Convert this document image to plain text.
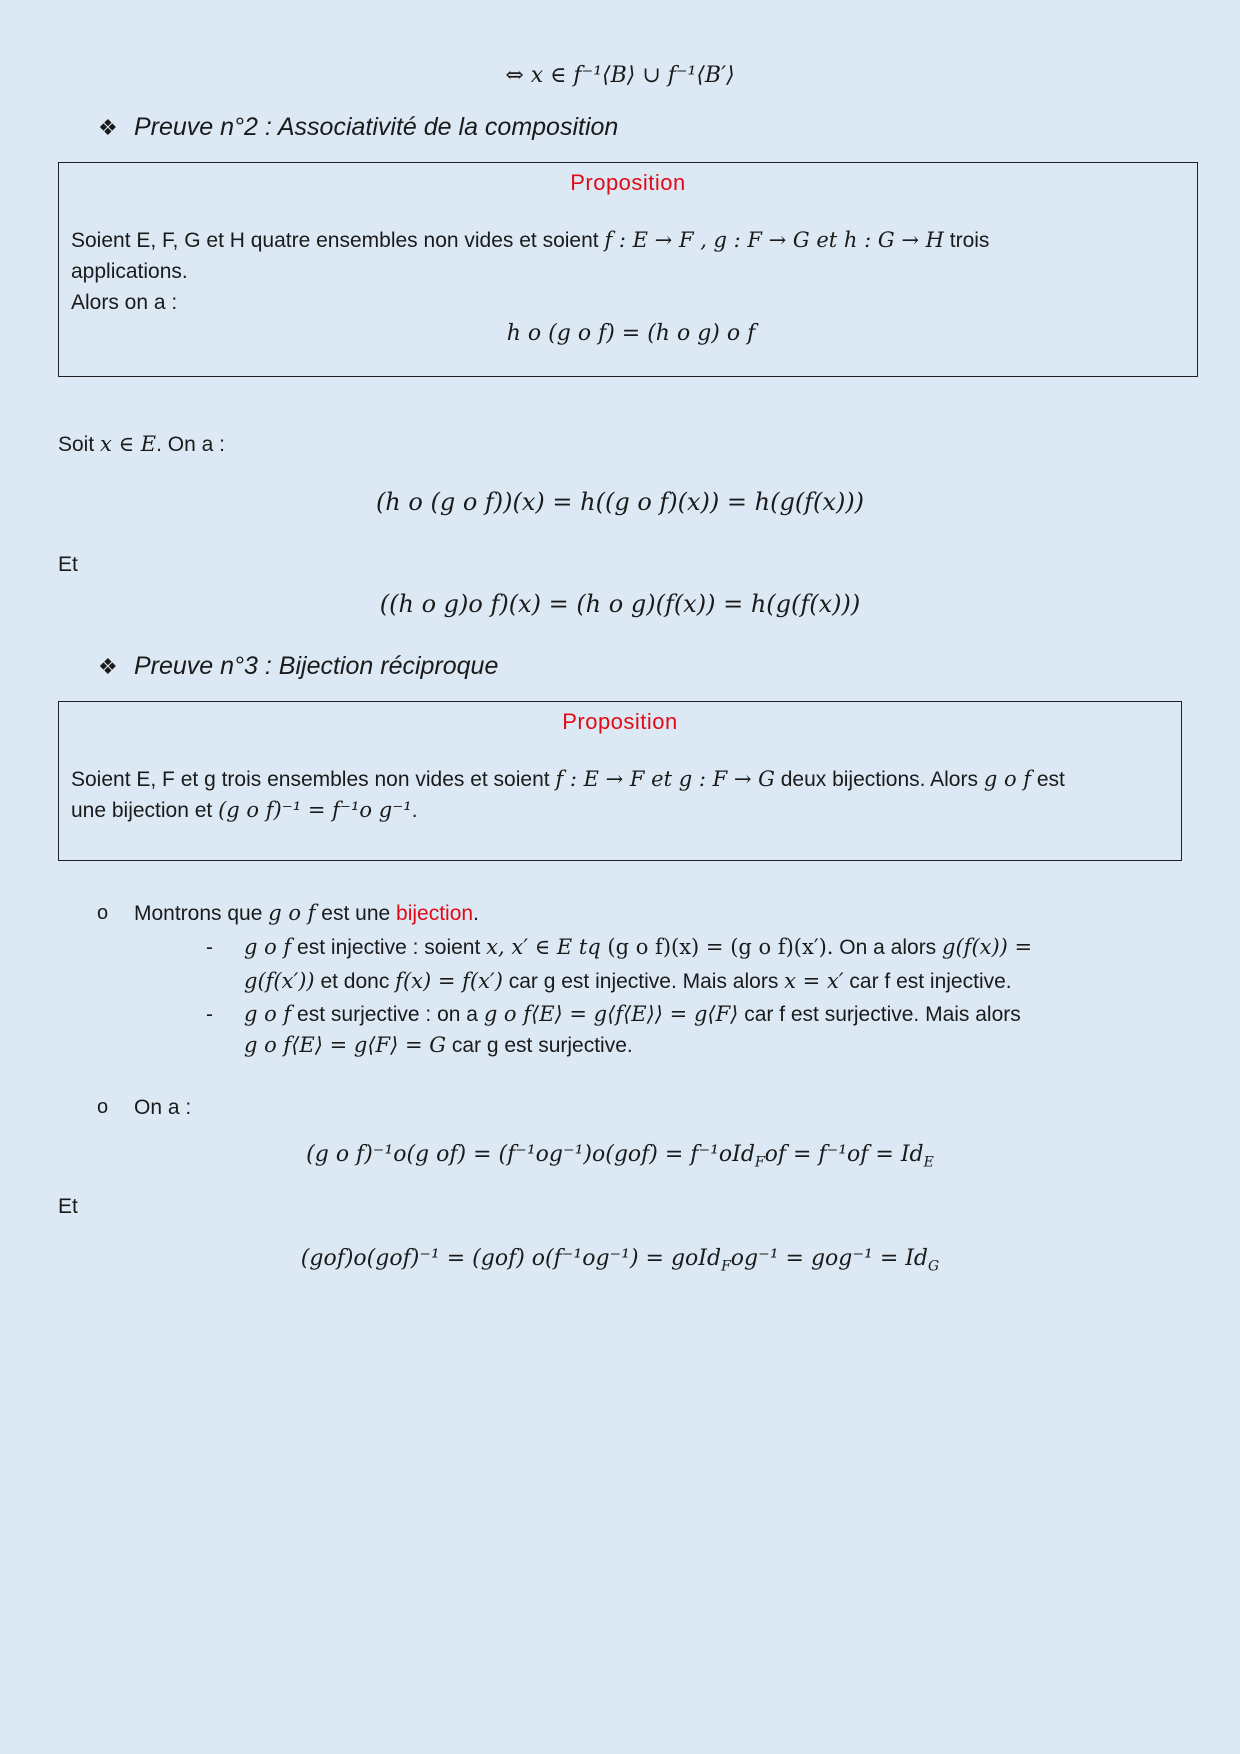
⇔ x ∈ f⁻¹⟨B⟩ ∪ f⁻¹⟨B′⟩
❖ Preuve n°2 : Associativité de la composition
Proposition
Soient E, F, G et H quatre ensembles non vides et soient f : E → F , g : F → G et h : G → H trois
applications.
Alors on a :
h o (g o f) = (h o g) o f
Soit x ∈ E. On a :
(h o (g o f))(x) = h((g o f)(x)) = h(g(f(x)))
Et
((h o g)o f)(x) = (h o g)(f(x)) = h(g(f(x)))
❖ Preuve n°3 : Bijection réciproque
Proposition
Soient E, F et g trois ensembles non vides et soient f : E → F et g : F → G deux bijections. Alors g o f est
une bijection et (g o f)⁻¹ = f⁻¹o g⁻¹.
o Montrons que g o f est une bijection.
- g o f est injective : soient x, x′ ∈ E tq (g o f)(x) = (g o f)(x′). On a alors g(f(x)) =
g(f(x′)) et donc f(x) = f(x′) car g est injective. Mais alors x = x′ car f est injective.
- g o f est surjective : on a g o f⟨E⟩ = g⟨f⟨E⟩⟩ = g⟨F⟩ car f est surjective. Mais alors
g o f⟨E⟩ = g⟨F⟩ = G car g est surjective.
o On a :
(g o f)⁻¹o(g $of) = (f^{-1}og^{-1})o(gof) = f^{-1}oId_Fof = f^{-1}of = Id_E$
Et
(gof)o(gof)⁻¹ = (gof) o(f⁻¹og⁻¹) = goId$_F$og⁻¹ = $gog^{-1} = Id_G$
